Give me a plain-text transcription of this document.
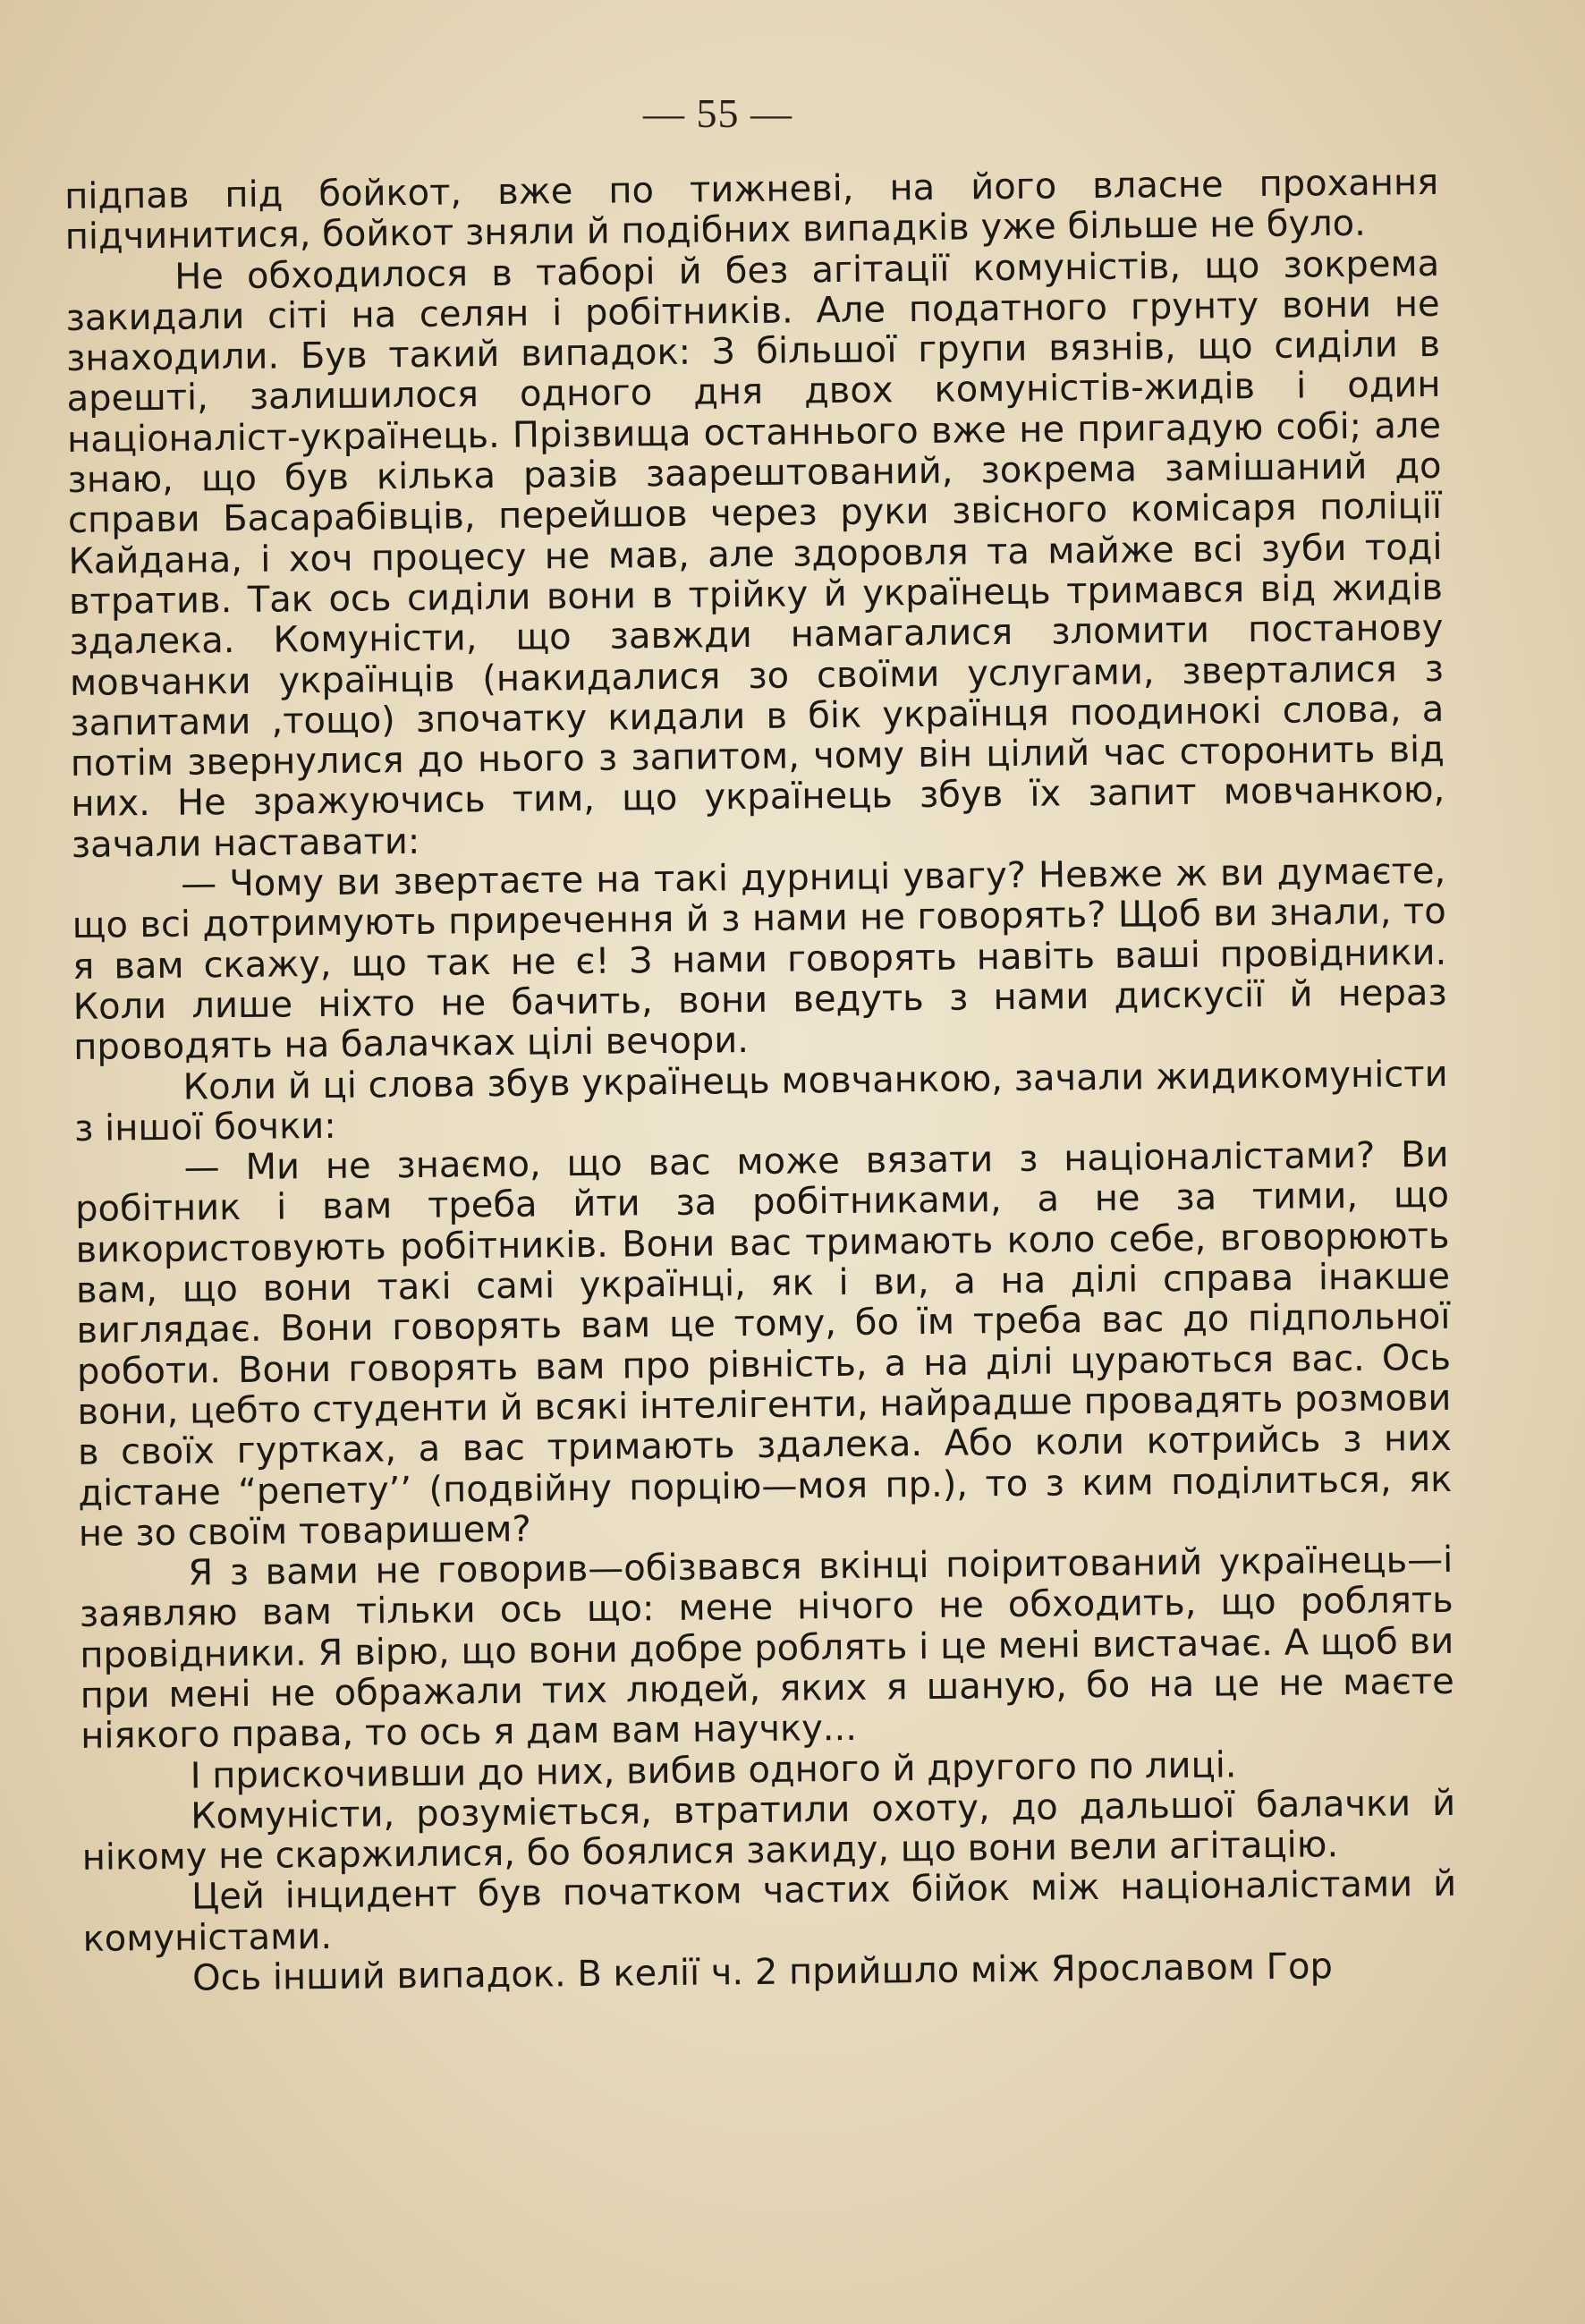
— 55 —

підпав під бойкот, вже по тижневі, на його власне прохання підчинитися, бойкот зняли й подібних випадків уже більше не було.

Не обходилося в таборі й без агітації комуністів, що зокрема закидали сіті на селян і робітників. Але податного грунту вони не знаходили. Був такий випадок: З більшої групи вязнів, що сиділи в арешті, залишилося одного дня двох комуністів-жидів і один націоналіст-українець. Прізвища останнього вже не пригадую собі; але знаю, що був кілька разів заарештований, зокрема замішаний до справи Басарабівців, перейшов через руки звісного комісаря поліції Кайдана, і хоч процесу не мав, але здоровля та майже всі зуби тоді втратив. Так ось сиділи вони в трійку й українець тримався від жидів здалека. Комуністи, що завжди намагалися зломити постанову мовчанки українців (накидалися зо своїми услугами, зверталися з запитами ,тощо) зпочатку кидали в бік українця поодинокі слова, а потім звернулися до нього з запитом, чому він цілий час сторонить від них. Не зражуючись тим, що українець збув їх запит мовчанкою, зачали наставати:

— Чому ви звертаєте на такі дурниці увагу? Невже ж ви думаєте, що всі дотримують приречення й з нами не говорять? Щоб ви знали, то я вам скажу, що так не є! З нами говорять навіть ваші провідники. Коли лише ніхто не бачить, вони ведуть з нами дискусії й нераз проводять на балачках цілі вечори.

Коли й ці слова збув українець мовчанкою, зачали жидикомуністи з іншої бочки:

— Ми не знаємо, що вас може вязати з націоналістами? Ви робітник і вам треба йти за робітниками, а не за тими, що використовують робітників. Вони вас тримають коло себе, вговорюють вам, що вони такі самі українці, як і ви, а на ділі справа інакше виглядає. Вони говорять вам це тому, бо їм треба вас до підпольної роботи. Вони говорять вам про рівність, а на ділі цураються вас. Ось вони, цебто студенти й всякі інтелігенти, найрадше провадять розмови в своїх гуртках, а вас тримають здалека. Або коли котрийсь з них дістане “репету’’ (подвійну порцію—моя пр.), то з ким поділиться, як не зо своїм товаришем?

Я з вами не говорив—обізвався вкінці поіритований українець—і заявляю вам тільки ось що: мене нічого не обходить, що роблять провідники. Я вірю, що вони добре роблять і це мені вистачає. А щоб ви при мені не ображали тих людей, яких я шаную, бо на це не маєте ніякого права, то ось я дам вам научку...

І прискочивши до них, вибив одного й другого по лиці.

Комуністи, розуміється, втратили охоту, до дальшої балачки й нікому не скаржилися, бо боялися закиду, що вони вели агітацію.

Цей інцидент був початком частих бійок між націоналістами й комуністами.

Ось інший випадок. В келії ч. 2 прийшло між Ярославом Гор
